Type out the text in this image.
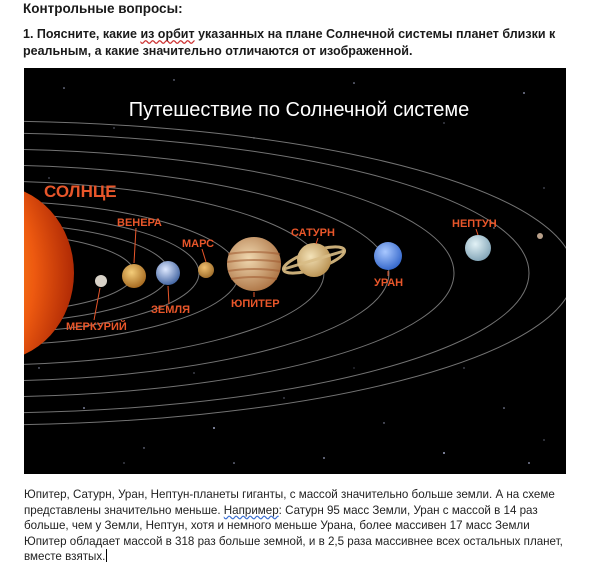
Контрольные вопросы:
1. Поясните, какие из орбит указанных на плане Солнечной системы планет близки к реальным, а какие значительно отличаются от изображенной.
Путешествие по Солнечной системе
СОЛНЦЕ
МЕРКУРИЙ
ВЕНЕРА
ЗЕМЛЯ
МАРС
ЮПИТЕР
САТУРН
УРАН
НЕПТУН
Юпитер, Сатурн, Уран, Нептун-планеты гиганты, с массой значительно больше земли. А на схеме представлены значительно меньше. Например: Сатурн 95 масс Земли, Уран с массой в 14 раз больше, чем у Земли, Нептун, хотя и немного меньше Урана, более массивен 17 масс Земли Юпитер обладает массой в 318 раз больше земной, и в 2,5 раза массивнее всех остальных планет, вместе взятых.
